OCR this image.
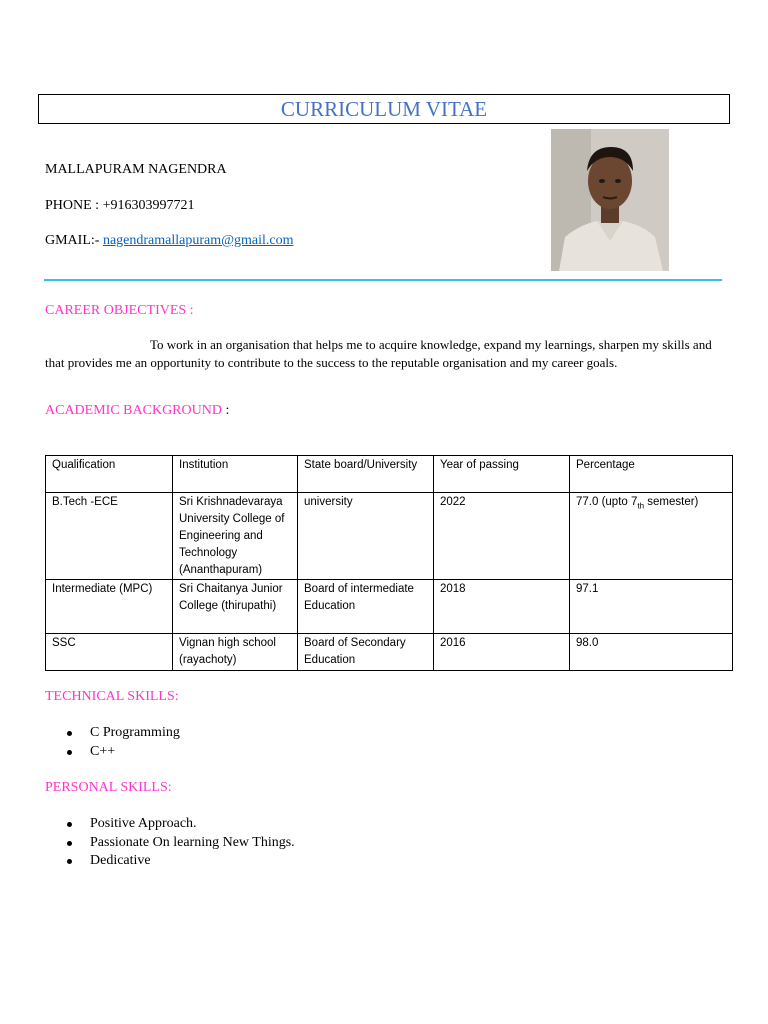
CURRICULUM VITAE
MALLAPURAM NAGENDRA
PHONE : +916303997721
GMAIL:- nagendramallapuram@gmail.com
CAREER OBJECTIVES :
To work in an organisation that helps me to acquire knowledge, expand my learnings, sharpen my skills and that provides me an opportunity to contribute to the success to the reputable organisation and my career goals.
ACADEMIC BACKGROUND :
Qualification	Institution	State board/University	Year of passing	Percentage
B.Tech -ECE	Sri Krishnadevaraya University College of Engineering and Technology (Ananthapuram)	university	2022	77.0 (upto $7_{th}$ semester)
Intermediate (MPC)	Sri Chaitanya Junior College (thirupathi)	Board of intermediate Education	2018	97.1
SSC	Vignan high school (rayachoty)	Board of Secondary Education	2016	98.0
TECHNICAL SKILLS:
C Programming
C++
PERSONAL SKILLS:
Positive Approach.
Passionate On learning New Things.
Dedicative
